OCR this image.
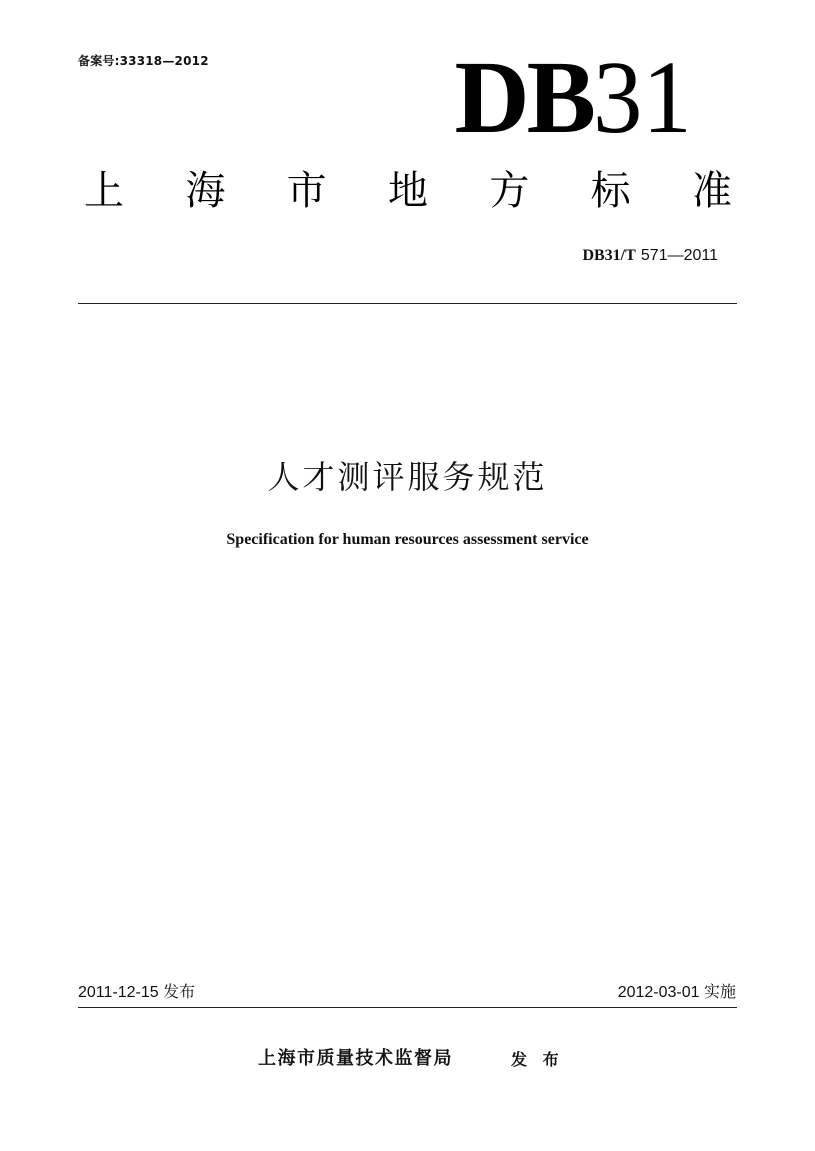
备案号:33318—2012 DB 31
上 海 市 地 方 标 准
DB31/T 571—2011
人才测评服务规范
Specification for human resources assessment service
2011-12-15 发布	2012-03-01 实施
上海市质量技术监督局	发 布
